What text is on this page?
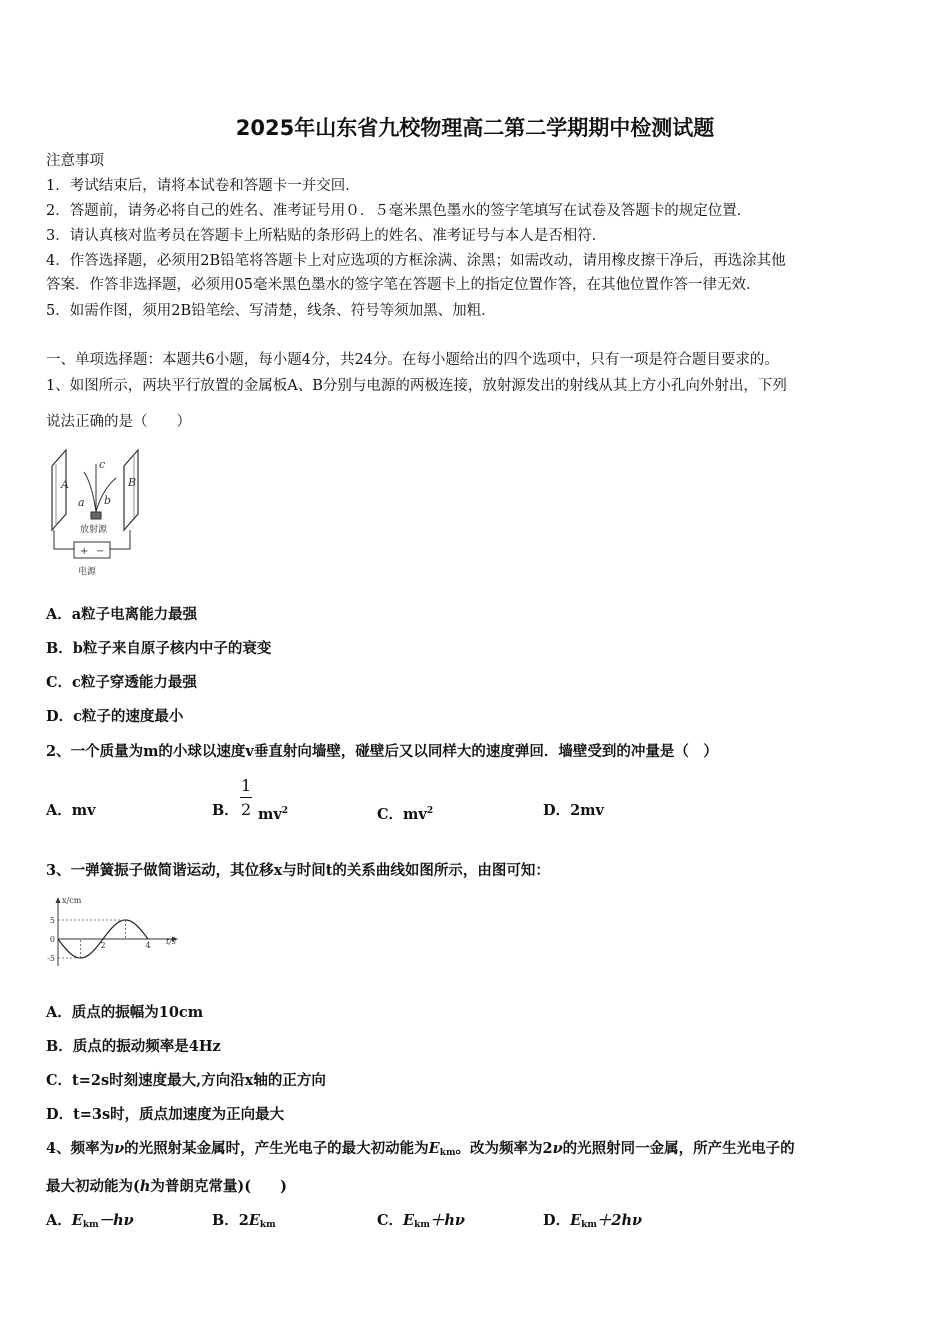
2025年山东省九校物理高二第二学期期中检测试题
注意事项
1．考试结束后，请将本试卷和答题卡一并交回．
2．答题前，请务必将自己的姓名、准考证号用０．５毫米黑色墨水的签字笔填写在试卷及答题卡的规定位置．
3．请认真核对监考员在答题卡上所粘贴的条形码上的姓名、准考证号与本人是否相符．
4．作答选择题，必须用2B铅笔将答题卡上对应选项的方框涂满、涂黑；如需改动，请用橡皮擦干净后，再选涂其他
答案．作答非选择题，必须用05毫米黑色墨水的签字笔在答题卡上的指定位置作答，在其他位置作答一律无效．
5．如需作图，须用2B铅笔绘、写清楚，线条、符号等须加黑、加粗．
一、单项选择题：本题共6小题，每小题4分，共24分。在每小题给出的四个选项中，只有一项是符合题目要求的。
1、如图所示，两块平行放置的金属板A、B分别与电源的两极连接，放射源发出的射线从其上方小孔向外射出，下列
说法正确的是（　　）
放射源
A	B
a b
c
+ −
电源
A．a粒子电离能力最强
B．b粒子来自原子核内中子的衰变
C．c粒子穿透能力最强
D．c粒子的速度最小
2、一个质量为m的小球以速度v垂直射向墙壁，碰壁后又以同样大的速度弹回．墙壁受到的冲量是（　）
A．mv	B．
1
2 $mv^2$	C．$mv^2$	D．2mv
3、一弹簧振子做简谐运动，其位移x与时间t的关系曲线如图所示，由图可知：
x/cm
t/s
5
0
-5
2	4
A．质点的振幅为10cm
B．质点的振动频率是4Hz
C．t=2s时刻速度最大,方向沿x轴的正方向
D．t=3s时，质点加速度为正向最大
4、频率为ν的光照射某金属时，产生光电子的最大初动能为$E_{km}$。改为频率为2ν的光照射同一金属，所产生光电子的
最大初动能为(h为普朗克常量)(　　)
A．$E_{km}-h\nu$	B．$2E_{km}$	C．$E_{km}+h\nu$	D．$E_{km}+2h\nu$
